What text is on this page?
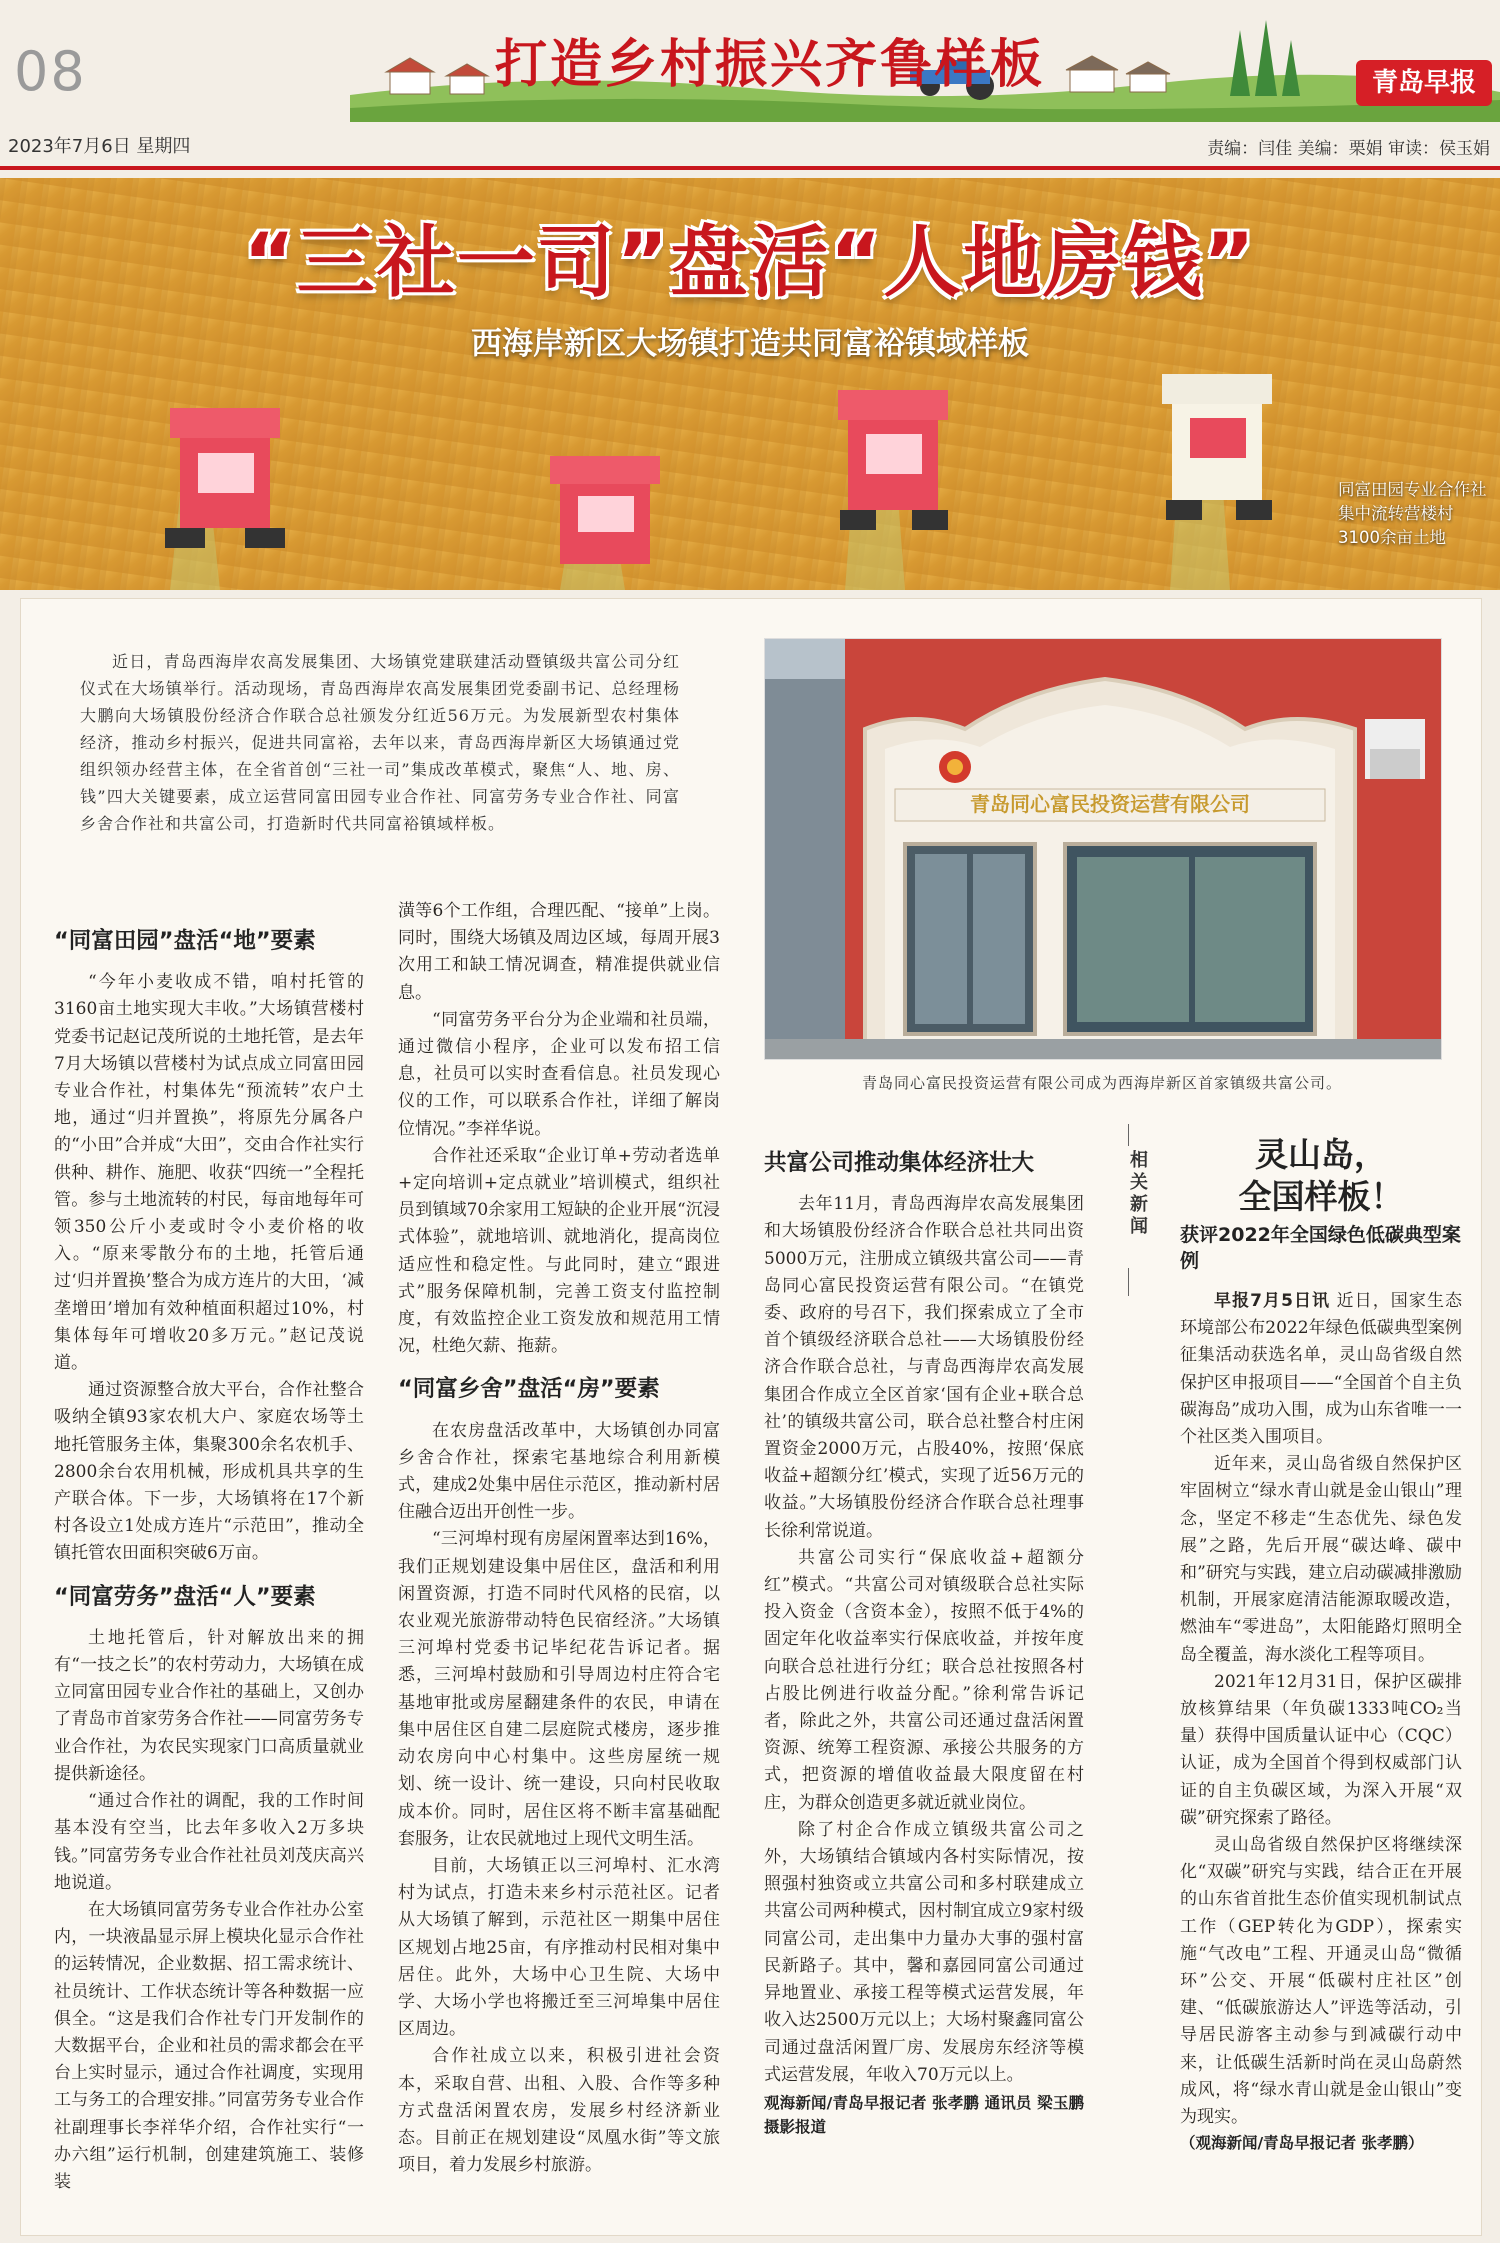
08	打造乡村振兴齐鲁样板	青岛早报
2023年7月6日 星期四	责编：闫佳 美编：栗娟 审读：侯玉娟
“三社一司”盘活“人地房钱”
西海岸新区大场镇打造共同富裕镇域样板
同富田园专业合作社集中流转营楼村3100余亩土地
近日，青岛西海岸农高发展集团、大场镇党建联建活动暨镇级共富公司分红仪式在大场镇举行。活动现场，青岛西海岸农高发展集团党委副书记、总经理杨大鹏向大场镇股份经济合作联合总社颁发分红近56万元。为发展新型农村集体经济，推动乡村振兴，促进共同富裕，去年以来，青岛西海岸新区大场镇通过党组织领办经营主体，在全省首创“三社一司”集成改革模式，聚焦“人、地、房、钱”四大关键要素，成立运营同富田园专业合作社、同富劳务专业合作社、同富乡舍合作社和共富公司，打造新时代共同富裕镇域样板。
“同富田园”盘活“地”要素

“今年小麦收成不错，咱村托管的3160亩土地实现大丰收。”大场镇营楼村党委书记赵记茂所说的土地托管，是去年7月大场镇以营楼村为试点成立同富田园专业合作社，村集体先“预流转”农户土地，通过“归并置换”，将原先分属各户的“小田”合并成“大田”，交由合作社实行供种、耕作、施肥、收获“四统一”全程托管。参与土地流转的村民，每亩地每年可领350公斤小麦或时令小麦价格的收入。“原来零散分布的土地，托管后通过‘归并置换’整合为成方连片的大田，‘减垄增田’增加有效种植面积超过10%，村集体每年可增收20多万元。”赵记茂说道。

通过资源整合放大平台，合作社整合吸纳全镇93家农机大户、家庭农场等土地托管服务主体，集聚300余名农机手、2800余台农用机械，形成机具共享的生产联合体。下一步，大场镇将在17个新村各设立1处成方连片“示范田”，推动全镇托管农田面积突破6万亩。

“同富劳务”盘活“人”要素

土地托管后，针对解放出来的拥有“一技之长”的农村劳动力，大场镇在成立同富田园专业合作社的基础上，又创办了青岛市首家劳务合作社——同富劳务专业合作社，为农民实现家门口高质量就业提供新途径。

“通过合作社的调配，我的工作时间基本没有空当，比去年多收入2万多块钱。”同富劳务专业合作社社员刘茂庆高兴地说道。

在大场镇同富劳务专业合作社办公室内，一块液晶显示屏上模块化显示合作社的运转情况，企业数据、招工需求统计、社员统计、工作状态统计等各种数据一应俱全。“这是我们合作社专门开发制作的大数据平台，企业和社员的需求都会在平台上实时显示，通过合作社调度，实现用工与务工的合理安排。”同富劳务专业合作社副理事长李祥华介绍，合作社实行“一办六组”运行机制，创建建筑施工、装修装

潢等6个工作组，合理匹配、“接单”上岗。同时，围绕大场镇及周边区域，每周开展3次用工和缺工情况调查，精准提供就业信息。

“同富劳务平台分为企业端和社员端，通过微信小程序，企业可以发布招工信息，社员可以实时查看信息。社员发现心仪的工作，可以联系合作社，详细了解岗位情况。”李祥华说。

合作社还采取“企业订单+劳动者选单+定向培训+定点就业”培训模式，组织社员到镇域70余家用工短缺的企业开展“沉浸式体验”，就地培训、就地消化，提高岗位适应性和稳定性。与此同时，建立“跟进式”服务保障机制，完善工资支付监控制度，有效监控企业工资发放和规范用工情况，杜绝欠薪、拖薪。

“同富乡舍”盘活“房”要素

在农房盘活改革中，大场镇创办同富乡舍合作社，探索宅基地综合利用新模式，建成2处集中居住示范区，推动新村居住融合迈出开创性一步。

“三河埠村现有房屋闲置率达到16%，我们正规划建设集中居住区，盘活和利用闲置资源，打造不同时代风格的民宿，以农业观光旅游带动特色民宿经济。”大场镇三河埠村党委书记毕纪花告诉记者。据悉，三河埠村鼓励和引导周边村庄符合宅基地审批或房屋翻建条件的农民，申请在集中居住区自建二层庭院式楼房，逐步推动农房向中心村集中。这些房屋统一规划、统一设计、统一建设，只向村民收取成本价。同时，居住区将不断丰富基础配套服务，让农民就地过上现代文明生活。

目前，大场镇正以三河埠村、汇水湾村为试点，打造未来乡村示范社区。记者从大场镇了解到，示范社区一期集中居住区规划占地25亩，有序推动村民相对集中居住。此外，大场中心卫生院、大场中学、大场小学也将搬迁至三河埠集中居住区周边。

合作社成立以来，积极引进社会资本，采取自营、出租、入股、合作等多种方式盘活闲置农房，发展乡村经济新业态。目前正在规划建设“凤凰水街”等文旅项目，着力发展乡村旅游。

青岛同心富民投资运营有限公司
青岛同心富民投资运营有限公司成为西海岸新区首家镇级共富公司。
共富公司推动集体经济壮大

去年11月，青岛西海岸农高发展集团和大场镇股份经济合作联合总社共同出资5000万元，注册成立镇级共富公司——青岛同心富民投资运营有限公司。“在镇党委、政府的号召下，我们探索成立了全市首个镇级经济联合总社——大场镇股份经济合作联合总社，与青岛西海岸农高发展集团合作成立全区首家‘国有企业+联合总社’的镇级共富公司，联合总社整合村庄闲置资金2000万元，占股40%，按照‘保底收益+超额分红’模式，实现了近56万元的收益。”大场镇股份经济合作联合总社理事长徐利常说道。

共富公司实行“保底收益+超额分红”模式。“共富公司对镇级联合总社实际投入资金（含资本金），按照不低于4%的固定年化收益率实行保底收益，并按年度向联合总社进行分红；联合总社按照各村占股比例进行收益分配。”徐利常告诉记者，除此之外，共富公司还通过盘活闲置资源、统筹工程资源、承接公共服务的方式，把资源的增值收益最大限度留在村庄，为群众创造更多就近就业岗位。

除了村企合作成立镇级共富公司之外，大场镇结合镇域内各村实际情况，按照强村独资或立共富公司和多村联建成立共富公司两种模式，因村制宜成立9家村级同富公司，走出集中力量办大事的强村富民新路子。其中，馨和嘉园同富公司通过异地置业、承接工程等模式运营发展，年收入达2500万元以上；大场村聚鑫同富公司通过盘活闲置厂房、发展房东经济等模式运营发展，年收入70万元以上。

观海新闻/青岛早报记者 张孝鹏 通讯员 梁玉鹏 摄影报道
相关新闻	灵山岛，
全国样板！
获评2022年全国绿色低碳典型案例

早报7月5日讯 近日，国家生态环境部公布2022年绿色低碳典型案例征集活动获选名单，灵山岛省级自然保护区申报项目——“全国首个自主负碳海岛”成功入围，成为山东省唯一一个社区类入围项目。

近年来，灵山岛省级自然保护区牢固树立“绿水青山就是金山银山”理念，坚定不移走“生态优先、绿色发展”之路，先后开展“碳达峰、碳中和”研究与实践，建立启动碳减排激励机制，开展家庭清洁能源取暖改造，燃油车“零进岛”，太阳能路灯照明全岛全覆盖，海水淡化工程等项目。

2021年12月31日，保护区碳排放核算结果（年负碳1333吨CO₂当量）获得中国质量认证中心（CQC）认证，成为全国首个得到权威部门认证的自主负碳区域，为深入开展“双碳”研究探索了路径。

灵山岛省级自然保护区将继续深化“双碳”研究与实践，结合正在开展的山东省首批生态价值实现机制试点工作（GEP转化为GDP），探索实施“气改电”工程、开通灵山岛“微循环”公交、开展“低碳村庄社区”创建、“低碳旅游达人”评选等活动，引导居民游客主动参与到减碳行动中来，让低碳生活新时尚在灵山岛蔚然成风，将“绿水青山就是金山银山”变为现实。

（观海新闻/青岛早报记者 张孝鹏）
